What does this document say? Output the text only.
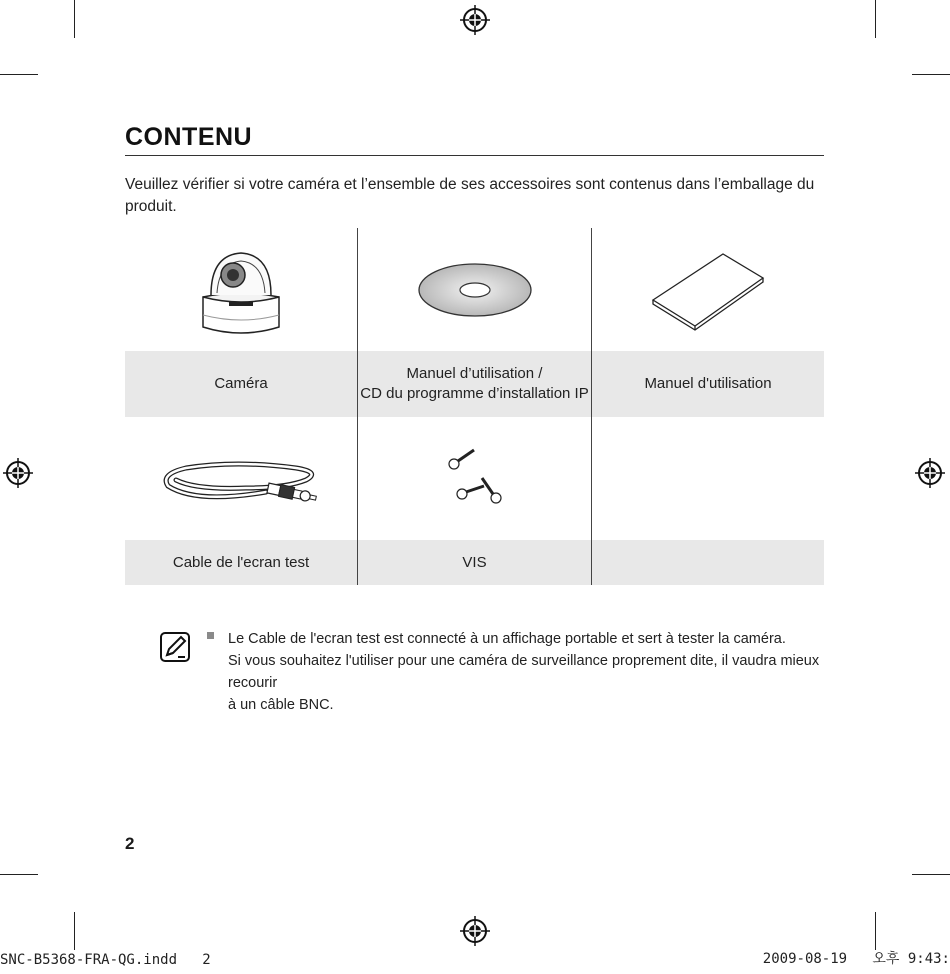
CONTENU
Veuillez vérifier si votre caméra et l’ensemble de ses accessoires sont contenus dans l’emballage du produit.
Caméra
Manuel d’utilisation /
CD du programme d’installation IP
Manuel d'utilisation
Cable de l'ecran test	VIS
Le Cable de l'ecran test est connecté à un affichage portable et sert à tester la caméra.
Si vous souhaitez l'utiliser pour une caméra de surveillance proprement dite, il vaudra mieux recourir
à un câble BNC.
2
SNC-B5368-FRA-QG.indd   2	2009-08-19   오후 9:43:
